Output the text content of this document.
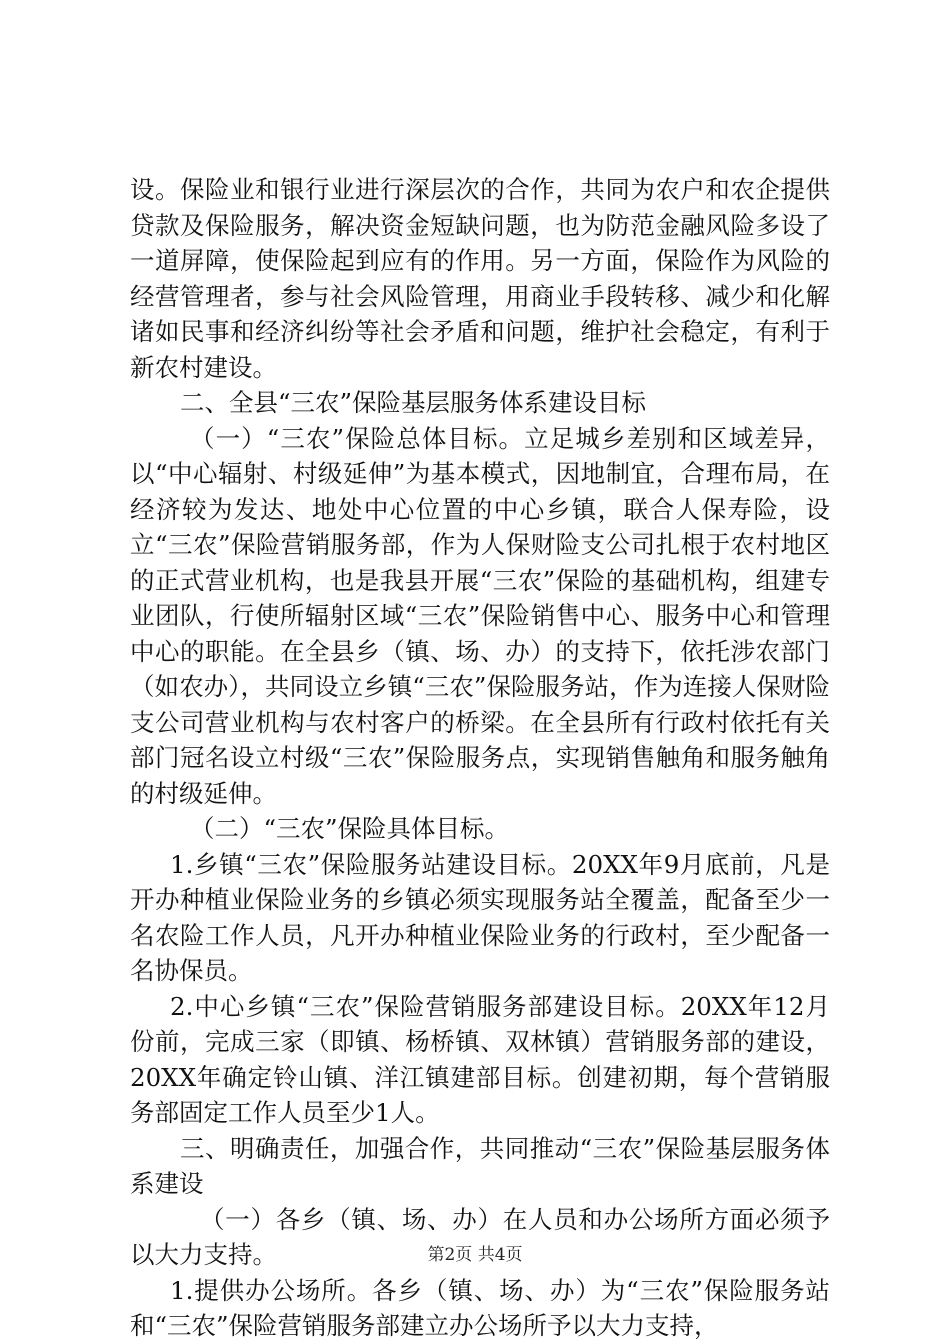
设。保险业和银行业进行深层次的合作，共同为农户和农企提供贷款及保险服务，解决资金短缺问题，也为防范金融风险多设了一道屏障，使保险起到应有的作用。另一方面，保险作为风险的经营管理者，参与社会风险管理，用商业手段转移、减少和化解诸如民事和经济纠纷等社会矛盾和问题，维护社会稳定，有利于新农村建设。

二、全县“三农”保险基层服务体系建设目标

（一）“三农”保险总体目标。立足城乡差别和区域差异，以“中心辐射、村级延伸”为基本模式，因地制宜，合理布局，在经济较为发达、地处中心位置的中心乡镇，联合人保寿险，设立“三农”保险营销服务部，作为人保财险支公司扎根于农村地区的正式营业机构，也是我县开展“三农”保险的基础机构，组建专业团队，行使所辐射区域“三农”保险销售中心、服务中心和管理中心的职能。在全县乡（镇、场、办）的支持下，依托涉农部门（如农办），共同设立乡镇“三农”保险服务站，作为连接人保财险支公司营业机构与农村客户的桥梁。在全县所有行政村依托有关部门冠名设立村级“三农”保险服务点，实现销售触角和服务触角的村级延伸。

（二）“三农”保险具体目标。

1.乡镇“三农”保险服务站建设目标。20XX年9月底前，凡是开办种植业保险业务的乡镇必须实现服务站全覆盖，配备至少一名农险工作人员，凡开办种植业保险业务的行政村，至少配备一名协保员。

2.中心乡镇“三农”保险营销服务部建设目标。20XX年12月份前，完成三家（即镇、杨桥镇、双林镇）营销服务部的建设，20XX年确定铃山镇、洋江镇建部目标。创建初期，每个营销服务部固定工作人员至少1人。

三、明确责任，加强合作，共同推动“三农”保险基层服务体系建设

（一）各乡（镇、场、办）在人员和办公场所方面必须予以大力支持。

1.提供办公场所。各乡（镇、场、办）为“三农”保险服务站和“三农”保险营销服务部建立办公场所予以大力支持，

第2页 共4页
